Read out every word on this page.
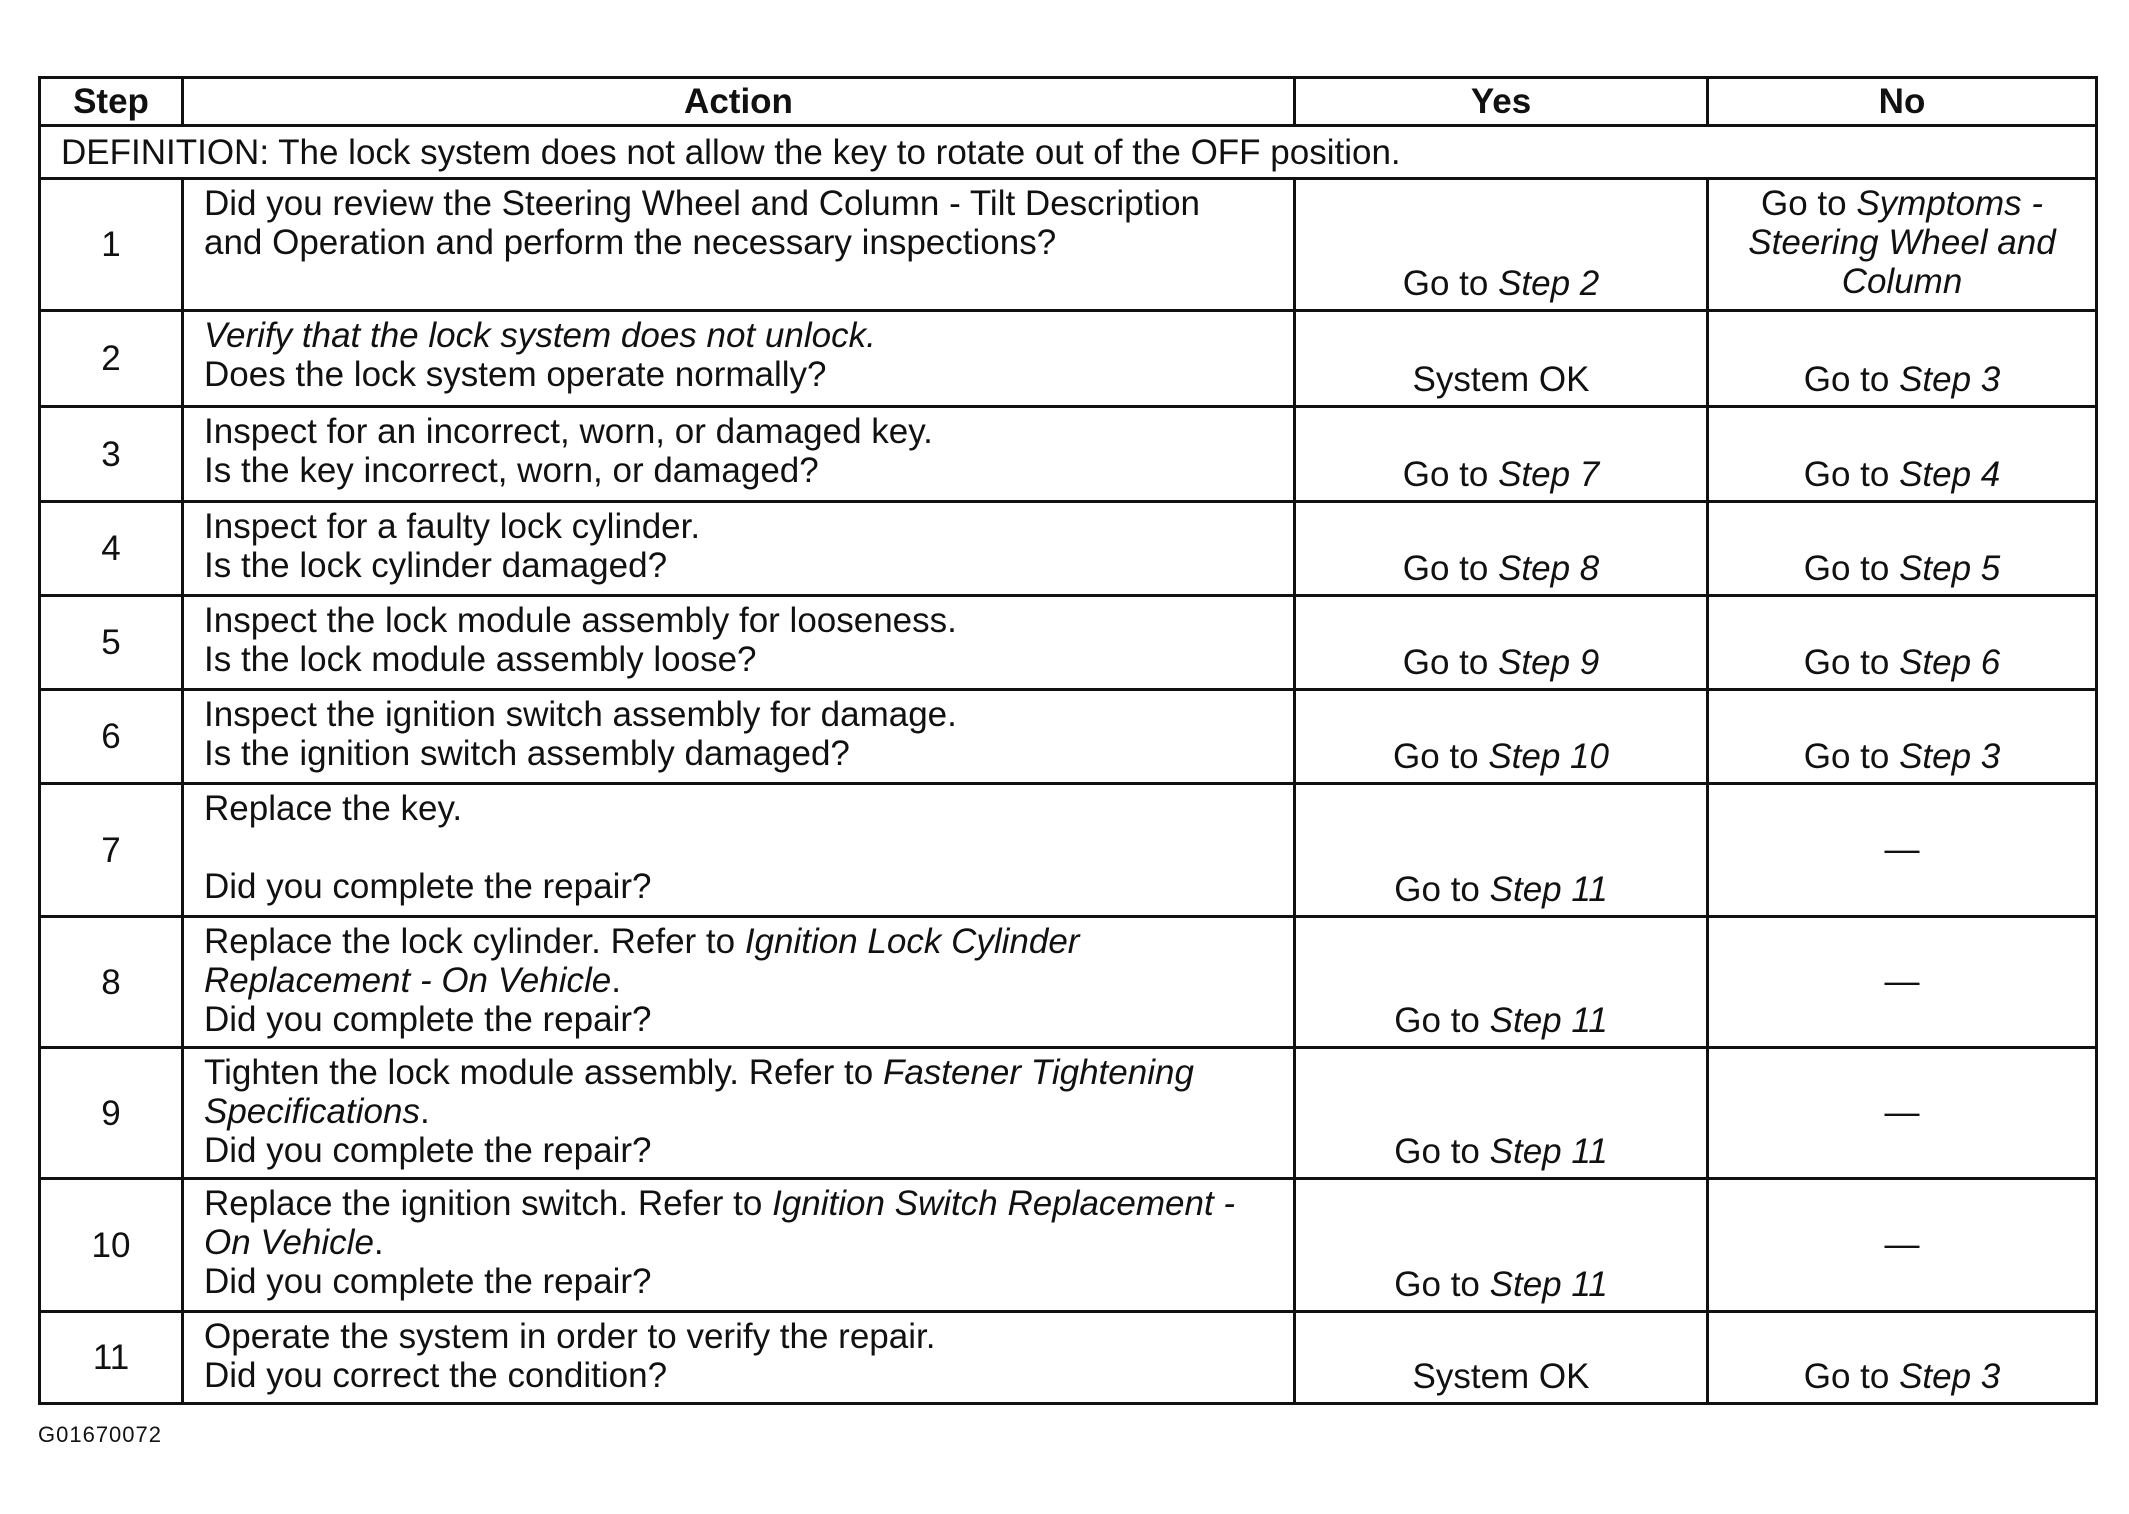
Step	Action	Yes	No
DEFINITION: The lock system does not allow the key to rotate out of the OFF position.			
1	Did you review the Steering Wheel and Column - Tilt Description
and Operation and perform the necessary inspections?	Go to Step 2	Go to Symptoms -
Steering Wheel and
Column

2	Verify that the lock system does not unlock.
Does the lock system operate normally?	System OK	Go to Step 3
3	Inspect for an incorrect, worn, or damaged key.
Is the key incorrect, worn, or damaged?	Go to Step 7	Go to Step 4
4	Inspect for a faulty lock cylinder.
Is the lock cylinder damaged?	Go to Step 8	Go to Step 5
5	Inspect the lock module assembly for looseness.
Is the lock module assembly loose?	Go to Step 9	Go to Step 6
6	Inspect the ignition switch assembly for damage.
Is the ignition switch assembly damaged?	Go to Step 10	Go to Step 3
7	Replace the key.
Did you complete the repair?	Go to Step 11	—
8	Replace the lock cylinder. Refer to Ignition Lock Cylinder
Replacement - On Vehicle.
Did you complete the repair?	Go to Step 11	—
9	Tighten the lock module assembly. Refer to Fastener Tightening
Specifications.
Did you complete the repair?	Go to Step 11	—
10	Replace the ignition switch. Refer to Ignition Switch Replacement -
On Vehicle.
Did you complete the repair?	Go to Step 11	—
11	Operate the system in order to verify the repair.
Did you correct the condition?	System OK	Go to Step 3
G01670072
